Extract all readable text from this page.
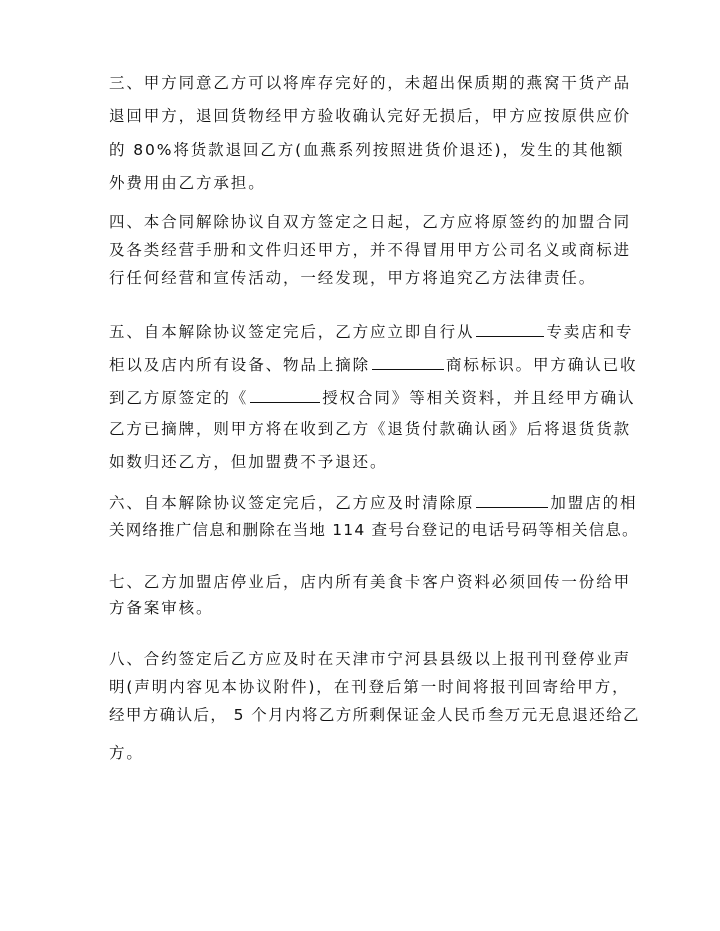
三、甲方同意乙方可以将库存完好的，未超出保质期的燕窝干货产品
退回甲方，退回货物经甲方验收确认完好无损后，甲方应按原供应价
的 80%将货款退回乙方(血燕系列按照进货价退还)，发生的其他额
外费用由乙方承担。
四、本合同解除协议自双方签定之日起，乙方应将原签约的加盟合同
及各类经营手册和文件归还甲方，并不得冒用甲方公司名义或商标进
行任何经营和宣传活动，一经发现，甲方将追究乙方法律责任。
五、自本解除协议签定完后，乙方应立即自行从	专卖店和专
柜以及店内所有设备、物品上摘除	商标标识。甲方确认已收
到乙方原签定的《	授权合同》等相关资料，并且经甲方确认
乙方已摘牌，则甲方将在收到乙方《退货付款确认函》后将退货货款
如数归还乙方，但加盟费不予退还。
六、自本解除协议签定完后，乙方应及时清除原	加盟店的相
关网络推广信息和删除在当地 114 查号台登记的电话号码等相关信息。
七、乙方加盟店停业后，店内所有美食卡客户资料必须回传一份给甲
方备案审核。
八、合约签定后乙方应及时在天津市宁河县县级以上报刊刊登停业声
明(声明内容见本协议附件)，在刊登后第一时间将报刊回寄给甲方，
经甲方确认后， 5 个月内将乙方所剩保证金人民币叁万元无息退还给乙
方。
